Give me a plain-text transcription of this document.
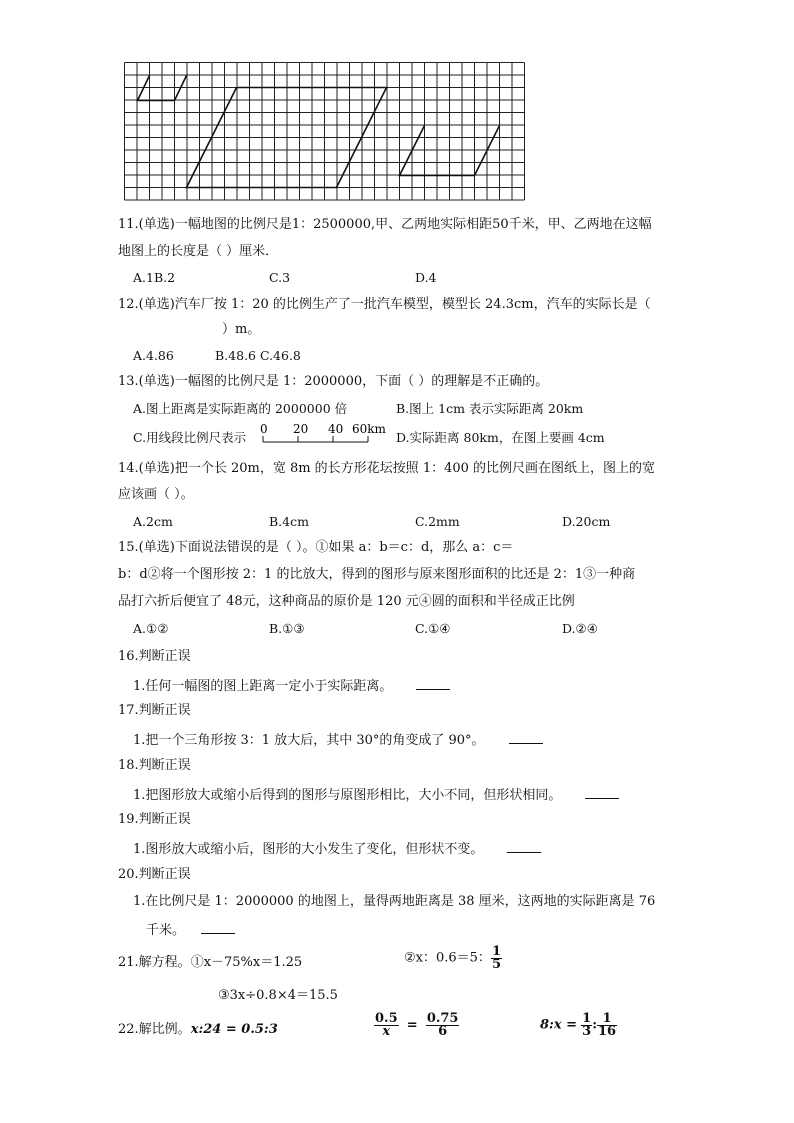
11.(单选)一幅地图的比例尺是1：2500000,甲、乙两地实际相距50千米，甲、乙两地在这幅
地图上的长度是（ ）厘米．
A.1B.2	C.3	D.4
12.(单选)汽车厂按 1：20 的比例生产了一批汽车模型，模型长 24.3cm，汽车的实际长是（
）m。
A.4.86	B.48.6 C.46.8
13.(单选)一幅图的比例尺是 1：2000000，下面（ ）的理解是不正确的。
A.图上距离是实际距离的 2000000 倍	B.图上 1cm 表示实际距离 20km
C.用线段比例尺表示
0 20 40 60km
D.实际距离 80km，在图上要画 4cm
14.(单选)把一个长 20m，宽 8m 的长方形花坛按照 1：400 的比例尺画在图纸上，图上的宽
应该画（ ）。
A.2cm	B.4cm	C.2mm	D.20cm
15.(单选)下面说法错误的是（ ）。①如果 a：b＝c：d，那么 a：c＝
b：d②将一个图形按 2：1 的比放大，得到的图形与原来图形面积的比还是 2：1③一种商
品打六折后便宜了 48元，这种商品的原价是 120 元④圆的面积和半径成正比例
A.①②	B.①③	C.①④	D.②④
16.判断正误
1.任何一幅图的图上距离一定小于实际距离。
17.判断正误
1.把一个三角形按 3：1 放大后，其中 30°的角变成了 90°。
18.判断正误
1.把图形放大或缩小后得到的图形与原图形相比，大小不同，但形状相同。
19.判断正误
1.图形放大或缩小后，图形的大小发生了变化，但形状不变。
20.判断正误
1.在比例尺是 1：2000000 的地图上，量得两地距离是 38 厘米，这两地的实际距离是 76
千米。
21.解方程。①x－75%x＝1.25	②x：0.6＝5： $\frac{1}{5}$
③3x÷0.8×4＝15.5
22.解比例。x:24 = 0.5:3	$\frac{0.5}{x} = \frac{0.75}{6}$	8:x = $\frac{1}{3}$ : $\frac{1}{16}$
